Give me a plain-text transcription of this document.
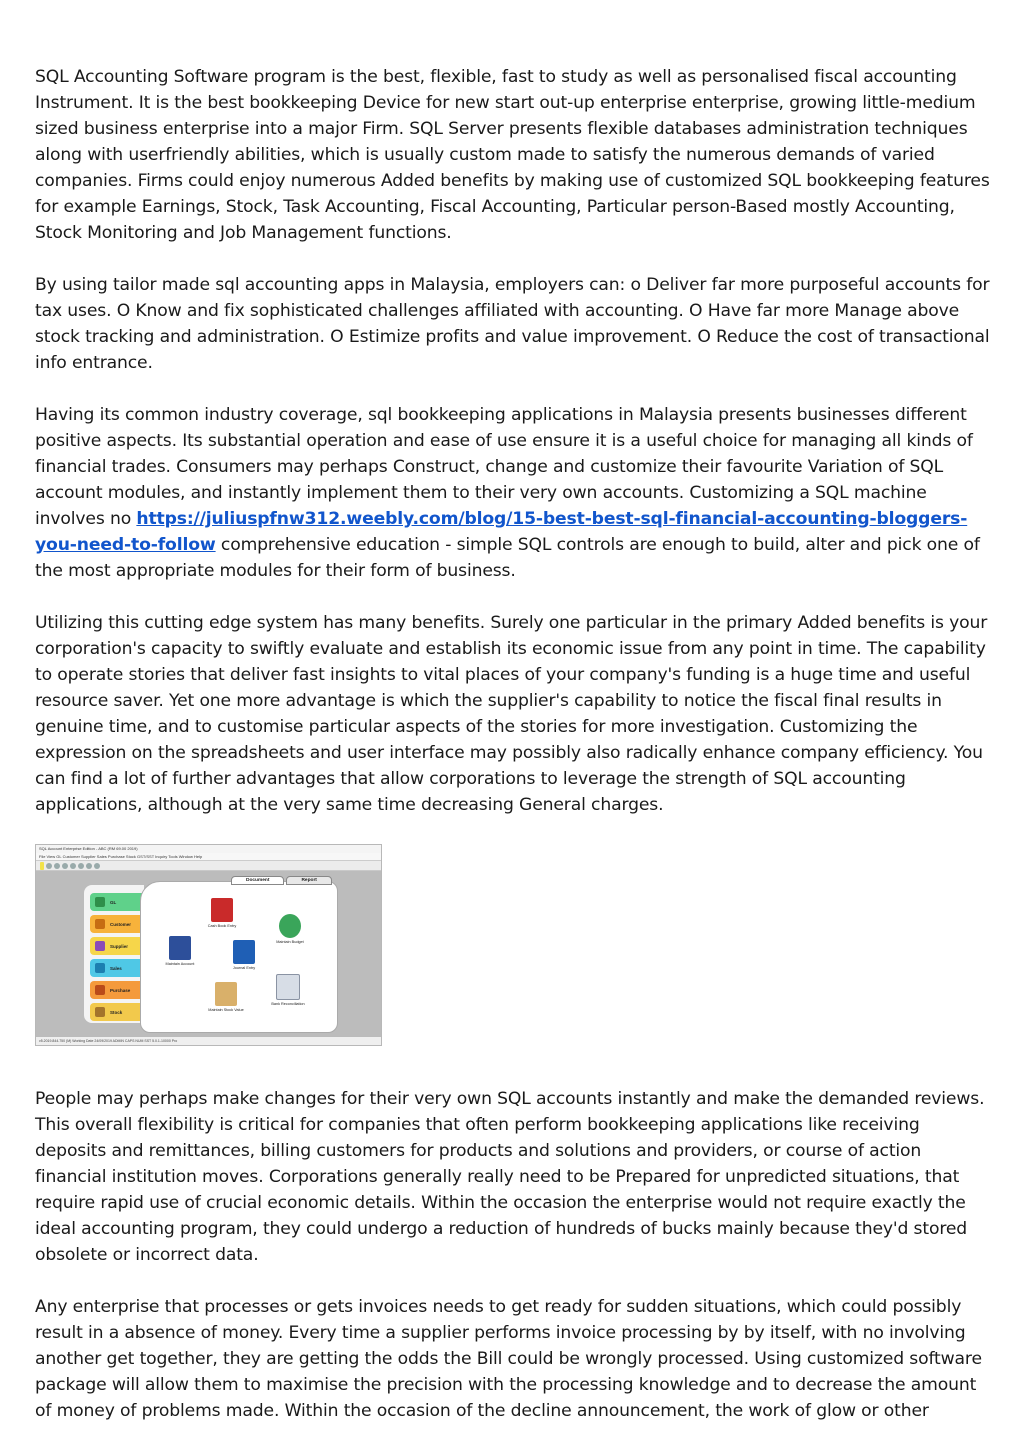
SQL Accounting Software program is the best, flexible, fast to study as well as personalised fiscal accounting Instrument. It is the best bookkeeping Device for new start out-up enterprise enterprise, growing little-medium sized business enterprise into a major Firm. SQL Server presents flexible databases administration techniques along with userfriendly abilities, which is usually custom made to satisfy the numerous demands of varied companies. Firms could enjoy numerous Added benefits by making use of customized SQL bookkeeping features for example Earnings, Stock, Task Accounting, Fiscal Accounting, Particular person-Based mostly Accounting, Stock Monitoring and Job Management functions.

By using tailor made sql accounting apps in Malaysia, employers can: o Deliver far more purposeful accounts for tax uses. O Know and fix sophisticated challenges affiliated with accounting. O Have far more Manage above stock tracking and administration. O Estimize profits and value improvement. O Reduce the cost of transactional info entrance.

Having its common industry coverage, sql bookkeeping applications in Malaysia presents businesses different positive aspects. Its substantial operation and ease of use ensure it is a useful choice for managing all kinds of financial trades. Consumers may perhaps Construct, change and customize their favourite Variation of SQL account modules, and instantly implement them to their very own accounts. Customizing a SQL machine involves no https://juliuspfnw312.weebly.com/blog/15-best-best-sql-financial-accounting-bloggers-you-need-to-follow comprehensive education - simple SQL controls are enough to build, alter and pick one of the most appropriate modules for their form of business.

Utilizing this cutting edge system has many benefits. Surely one particular in the primary Added benefits is your corporation's capacity to swiftly evaluate and establish its economic issue from any point in time. The capability to operate stories that deliver fast insights to vital places of your company's funding is a huge time and useful resource saver. Yet one more advantage is which the supplier's capability to notice the fiscal final results in genuine time, and to customise particular aspects of the stories for more investigation. Customizing the expression on the spreadsheets and user interface may possibly also radically enhance company efficiency. You can find a lot of further advantages that allow corporations to leverage the strength of SQL accounting applications, although at the very same time decreasing General charges.

SQL Account Enterprise Edition - ABC (RM 69.00 2019)
File View GL Customer Supplier Sales Purchase Stock GST/SST Inquiry Tools Window Help
GL
Customer
Supplier
Sales
Purchase
Stock
Document	Report
Cash Book Entry
Maintain Budget
Maintain Account
Journal Entry
Maintain Stock Value
Bank Reconciliation
v5.2019.844.750 (M) Working Date 24/09/2019 ADMIN CAPS NUM SST 5.0.1-10000 Pro

People may perhaps make changes for their very own SQL accounts instantly and make the demanded reviews. This overall flexibility is critical for companies that often perform bookkeeping applications like receiving deposits and remittances, billing customers for products and solutions and providers, or course of action financial institution moves. Corporations generally really need to be Prepared for unpredicted situations, that require rapid use of crucial economic details. Within the occasion the enterprise would not require exactly the ideal accounting program, they could undergo a reduction of hundreds of bucks mainly because they'd stored obsolete or incorrect data.

Any enterprise that processes or gets invoices needs to get ready for sudden situations, which could possibly result in a absence of money. Every time a supplier performs invoice processing by by itself, with no involving another get together, they are getting the odds the Bill could be wrongly processed. Using customized software package will allow them to maximise the precision with the processing knowledge and to decrease the amount of money of problems made. Within the occasion of the decline announcement, the work of glow or other
